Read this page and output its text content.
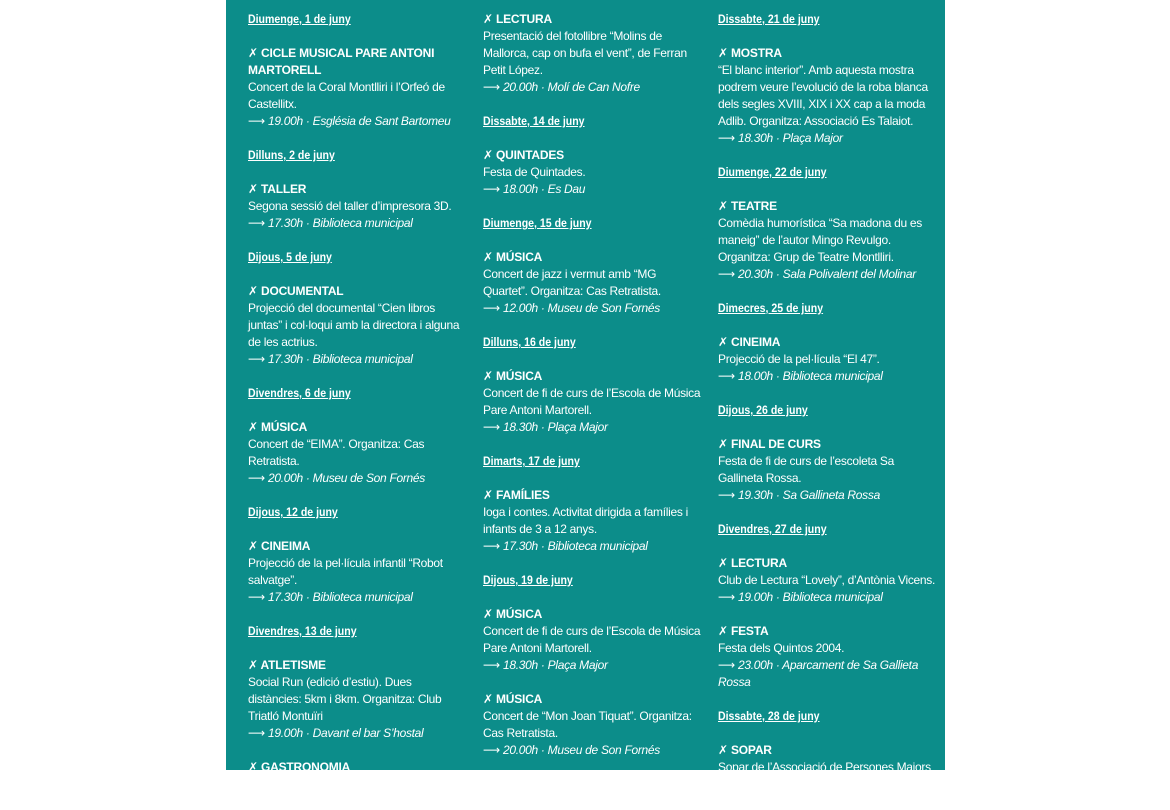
Diumenge, 1 de juny
✗ CICLE MUSICAL PARE ANTONI MARTORELL
Concert de la Coral Montlliri i l’Orfeó de Castellitx.
⟶ 19.00h · Església de Sant Bartomeu
Dilluns, 2 de juny
✗ TALLER
Segona sessió del taller d’impresora 3D.
⟶ 17.30h · Biblioteca municipal
Dijous, 5 de juny
✗ DOCUMENTAL
Projecció del documental “Cien libros juntas” i col·loqui amb la directora i alguna de les actrius.
⟶ 17.30h · Biblioteca municipal
Divendres, 6 de juny
✗ MÚSICA
Concert de “EIMA”. Organitza: Cas Retratista.
⟶ 20.00h · Museu de Son Fornés
Dijous, 12 de juny
✗ CINEIMA
Projecció de la pel·lícula infantil “Robot salvatge”.
⟶ 17.30h · Biblioteca municipal
Divendres, 13 de juny
✗ ATLETISME
Social Run (edició d’estiu). Dues distàncies: 5km i 8km. Organitza: Club Triatló Montuïri
⟶ 19.00h · Davant el bar S’hostal
✗ GASTRONOMIA
Taller de cuina saludable, amb Maria
✗ LECTURA
Presentació del fotollibre “Molins de Mallorca, cap on bufa el vent”, de Ferran Petit López.
⟶ 20.00h · Molí de Can Nofre
Dissabte, 14 de juny
✗ QUINTADES
Festa de Quintades.
⟶ 18.00h · Es Dau
Diumenge, 15 de juny
✗ MÚSICA
Concert de jazz i vermut amb “MG Quartet”. Organitza: Cas Retratista.
⟶ 12.00h · Museu de Son Fornés
Dilluns, 16 de juny
✗ MÚSICA
Concert de fi de curs de l’Escola de Música Pare Antoni Martorell.
⟶ 18.30h · Plaça Major
Dimarts, 17 de juny
✗ FAMÍLIES
Ioga i contes. Activitat dirigida a famílies i infants de 3 a 12 anys.
⟶ 17.30h · Biblioteca municipal
Dijous, 19 de juny
✗ MÚSICA
Concert de fi de curs de l’Escola de Música Pare Antoni Martorell.
⟶ 18.30h · Plaça Major
✗ MÚSICA
Concert de “Mon Joan Tiquat”. Organitza: Cas Retratista.
⟶ 20.00h · Museu de Son Fornés
Dissabte, 21 de juny
✗ MOSTRA
“El blanc interior”. Amb aquesta mostra podrem veure l’evolució de la roba blanca dels segles XVIII, XIX i XX cap a la moda Adlib. Organitza: Associació Es Talaiot.
⟶ 18.30h · Plaça Major
Diumenge, 22 de juny
✗ TEATRE
Comèdia humorística “Sa madona du es maneig” de l’autor Mingo Revulgo. Organitza: Grup de Teatre Montlliri.
⟶ 20.30h · Sala Polivalent del Molinar
Dimecres, 25 de juny
✗ CINEIMA
Projecció de la pel·lícula “El 47”.
⟶ 18.00h · Biblioteca municipal
Dijous, 26 de juny
✗ FINAL DE CURS
Festa de fi de curs de l’escoleta Sa Gallineta Rossa.
⟶ 19.30h · Sa Gallineta Rossa
Divendres, 27 de juny
✗ LECTURA
Club de Lectura “Lovely”, d’Antònia Vicens.
⟶ 19.00h · Biblioteca municipal
✗ FESTA
Festa dels Quintos 2004.
⟶ 23.00h · Aparcament de Sa Gallieta Rossa
Dissabte, 28 de juny
✗ SOPAR
Sopar de l’Associació de Persones Majors
